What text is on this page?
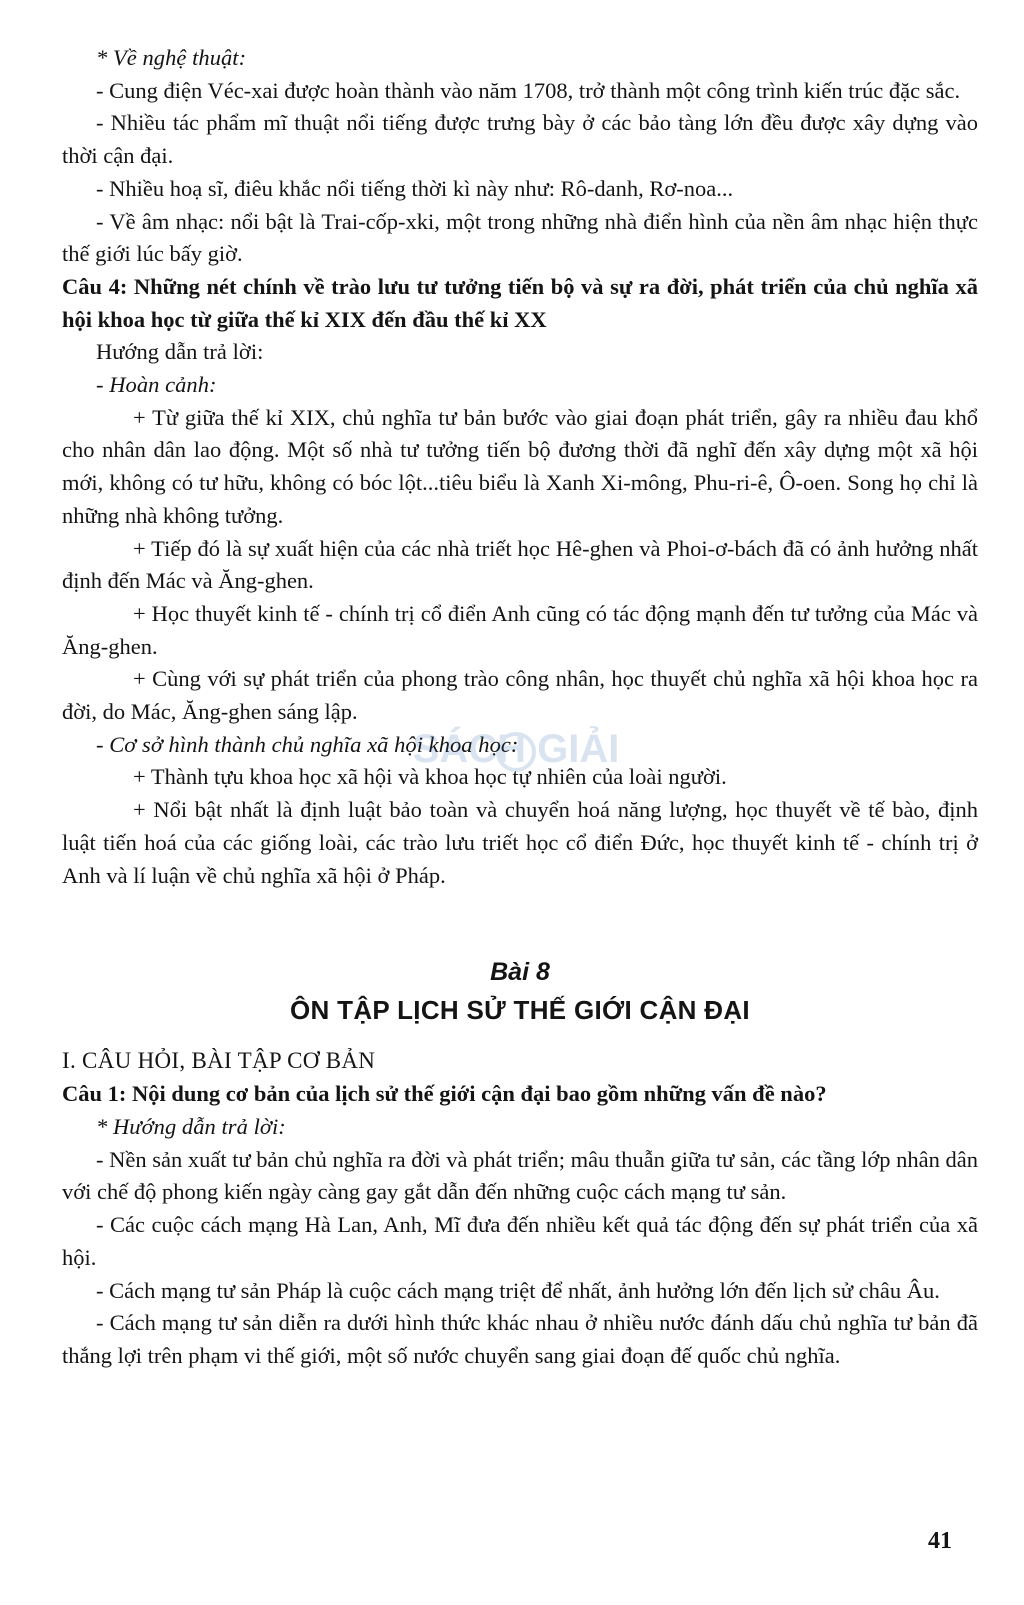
* Về nghệ thuật:

- Cung điện Véc-xai được hoàn thành vào năm 1708, trở thành một công trình kiến trúc đặc sắc.

- Nhiều tác phẩm mĩ thuật nổi tiếng được trưng bày ở các bảo tàng lớn đều được xây dựng vào thời cận đại.

- Nhiều hoạ sĩ, điêu khắc nổi tiếng thời kì này như: Rô-danh, Rơ-noa...

- Về âm nhạc: nổi bật là Trai-cốp-xki, một trong những nhà điển hình của nền âm nhạc hiện thực thế giới lúc bấy giờ.

Câu 4: Những nét chính về trào lưu tư tưởng tiến bộ và sự ra đời, phát triển của chủ nghĩa xã hội khoa học từ giữa thế kỉ XIX đến đầu thế kỉ XX

Hướng dẫn trả lời:
- Hoàn cảnh:

+ Từ giữa thế kỉ XIX, chủ nghĩa tư bản bước vào giai đoạn phát triển, gây ra nhiều đau khổ cho nhân dân lao động. Một số nhà tư tưởng tiến bộ đương thời đã nghĩ đến xây dựng một xã hội mới, không có tư hữu, không có bóc lột...tiêu biểu là Xanh Xi-mông, Phu-ri-ê, Ô-oen. Song họ chỉ là những nhà không tưởng.

+ Tiếp đó là sự xuất hiện của các nhà triết học Hê-ghen và Phoi-ơ-bách đã có ảnh hưởng nhất định đến Mác và Ăng-ghen.

+ Học thuyết kinh tế - chính trị cổ điển Anh cũng có tác động mạnh đến tư tưởng của Mác và Ăng-ghen.

+ Cùng với sự phát triển của phong trào công nhân, học thuyết chủ nghĩa xã hội khoa học ra đời, do Mác, Ăng-ghen sáng lập.

- Cơ sở hình thành chủ nghĩa xã hội khoa học:

+ Thành tựu khoa học xã hội và khoa học tự nhiên của loài người.

+ Nổi bật nhất là định luật bảo toàn và chuyển hoá năng lượng, học thuyết về tế bào, định luật tiến hoá của các giống loài, các trào lưu triết học cổ điển Đức, học thuyết kinh tế - chính trị ở Anh và lí luận về chủ nghĩa xã hội ở Pháp.

Bài 8
ÔN TẬP LỊCH SỬ THẾ GIỚI CẬN ĐẠI
I. CÂU HỎI, BÀI TẬP CƠ BẢN

Câu 1: Nội dung cơ bản của lịch sử thế giới cận đại bao gồm những vấn đề nào?

* Hướng dẫn trả lời:

- Nền sản xuất tư bản chủ nghĩa ra đời và phát triển; mâu thuẫn giữa tư sản, các tầng lớp nhân dân với chế độ phong kiến ngày càng gay gắt dẫn đến những cuộc cách mạng tư sản.

- Các cuộc cách mạng Hà Lan, Anh, Mĩ đưa đến nhiều kết quả tác động đến sự phát triển của xã hội.

- Cách mạng tư sản Pháp là cuộc cách mạng triệt để nhất, ảnh hưởng lớn đến lịch sử châu Âu.

- Cách mạng tư sản diễn ra dưới hình thức khác nhau ở nhiều nước đánh dấu chủ nghĩa tư bản đã thắng lợi trên phạm vi thế giới, một số nước chuyển sang giai đoạn đế quốc chủ nghĩa.

SÁCH GIẢI
41
